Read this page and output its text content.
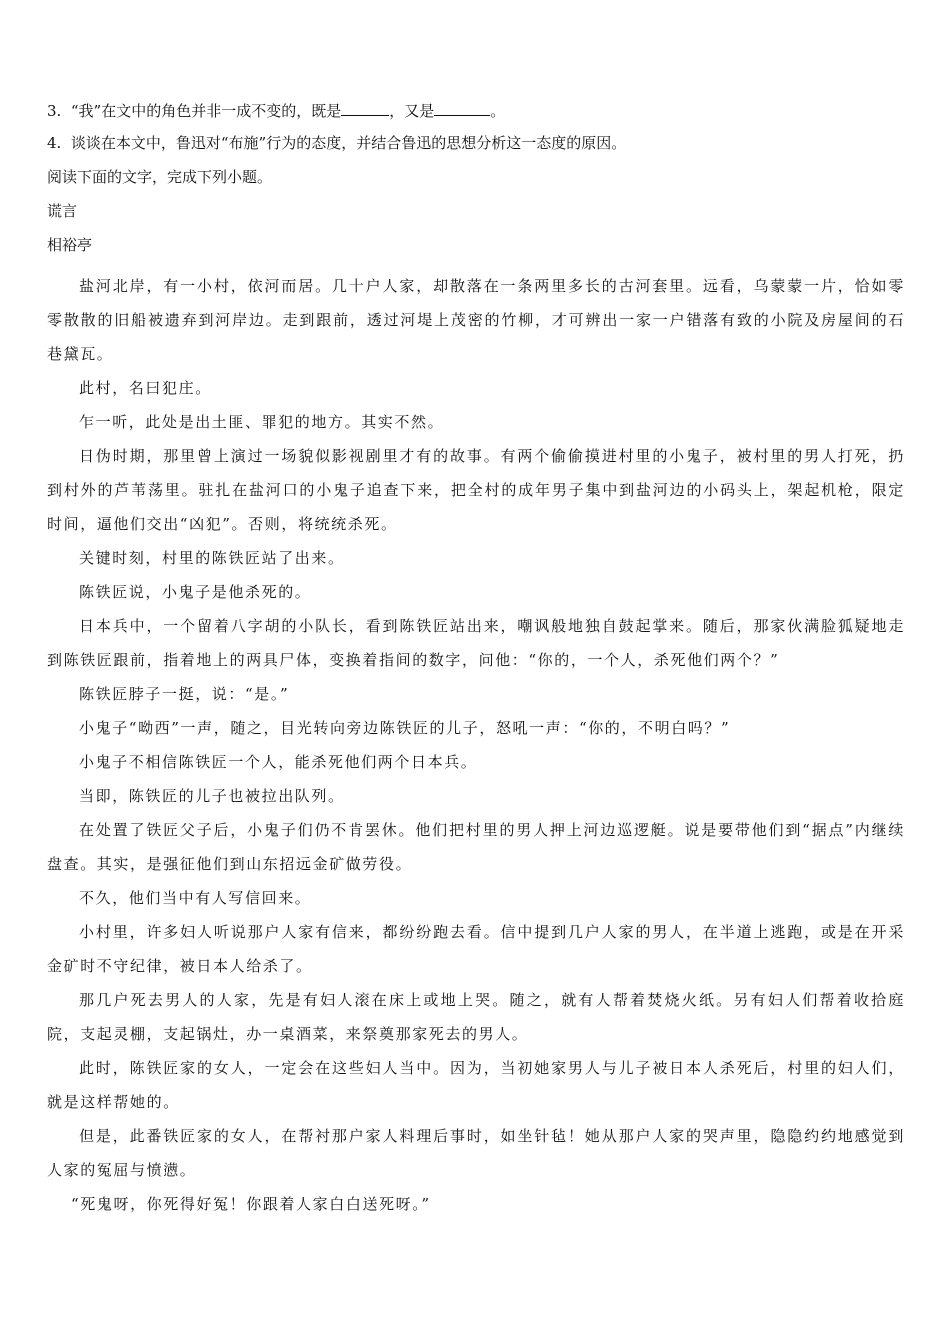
3. “我”在文中的角色并非一成不变的，既是	，又是	。
4. 谈谈在本文中，鲁迅对“布施”行为的态度，并结合鲁迅的思想分析这一态度的原因。
阅读下面的文字，完成下列小题。
谎言
相裕亭

盐河北岸，有一小村，依河而居。几十户人家，却散落在一条两里多长的古河套里。远看，乌蒙蒙一片，恰如零零散散的旧船被遗弃到河岸边。走到跟前，透过河堤上茂密的竹柳，才可辨出一家一户错落有致的小院及房屋间的石巷黛瓦。

此村，名曰犯庄。

乍一听，此处是出土匪、罪犯的地方。其实不然。

日伪时期，那里曾上演过一场貌似影视剧里才有的故事。有两个偷偷摸进村里的小鬼子，被村里的男人打死，扔到村外的芦苇荡里。驻扎在盐河口的小鬼子追查下来，把全村的成年男子集中到盐河边的小码头上，架起机枪，限定时间，逼他们交出“凶犯”。否则，将统统杀死。

关键时刻，村里的陈铁匠站了出来。

陈铁匠说，小鬼子是他杀死的。

日本兵中，一个留着八字胡的小队长，看到陈铁匠站出来，嘲讽般地独自鼓起掌来。随后，那家伙满脸狐疑地走到陈铁匠跟前，指着地上的两具尸体，变换着指间的数字，问他：“你的，一个人，杀死他们两个？”

陈铁匠脖子一挺，说：“是。”

小鬼子“呦西”一声，随之，目光转向旁边陈铁匠的儿子，怒吼一声：“你的，不明白吗？”

小鬼子不相信陈铁匠一个人，能杀死他们两个日本兵。

当即，陈铁匠的儿子也被拉出队列。

在处置了铁匠父子后，小鬼子们仍不肯罢休。他们把村里的男人押上河边巡逻艇。说是要带他们到“据点”内继续盘查。其实，是强征他们到山东招远金矿做劳役。

不久，他们当中有人写信回来。

小村里，许多妇人听说那户人家有信来，都纷纷跑去看。信中提到几户人家的男人，在半道上逃跑，或是在开采金矿时不守纪律，被日本人给杀了。

那几户死去男人的人家，先是有妇人滚在床上或地上哭。随之，就有人帮着焚烧火纸。另有妇人们帮着收拾庭院，支起灵棚，支起锅灶，办一桌酒菜，来祭奠那家死去的男人。

此时，陈铁匠家的女人，一定会在这些妇人当中。因为，当初她家男人与儿子被日本人杀死后，村里的妇人们，就是这样帮她的。

但是，此番铁匠家的女人，在帮衬那户家人料理后事时，如坐针毡！她从那户人家的哭声里，隐隐约约地感觉到人家的冤屈与愤懑。

“死鬼呀，你死得好冤！你跟着人家白白送死呀。”
